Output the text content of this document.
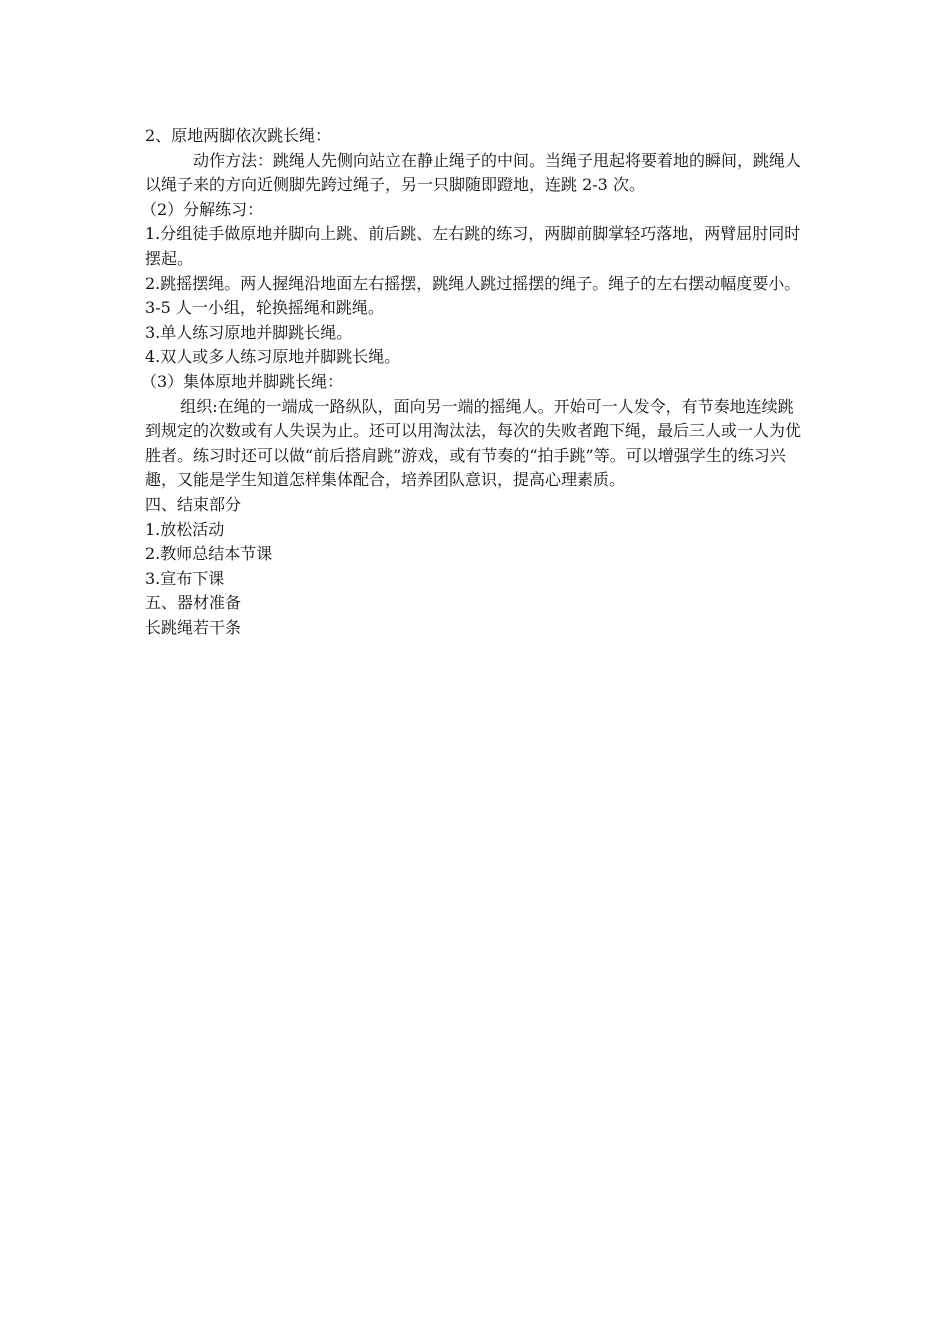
2、原地两脚依次跳长绳：

动作方法：跳绳人先侧向站立在静止绳子的中间。当绳子甩起将要着地的瞬间，跳绳人以绳子来的方向近侧脚先跨过绳子，另一只脚随即蹬地，连跳 2-3 次。

（2）分解练习：

1.分组徒手做原地并脚向上跳、前后跳、左右跳的练习，两脚前脚掌轻巧落地，两臂屈肘同时摆起。

2.跳摇摆绳。两人握绳沿地面左右摇摆，跳绳人跳过摇摆的绳子。绳子的左右摆动幅度要小。3-5 人一小组，轮换摇绳和跳绳。

3.单人练习原地并脚跳长绳。

4.双人或多人练习原地并脚跳长绳。

（3）集体原地并脚跳长绳：

组织:在绳的一端成一路纵队，面向另一端的摇绳人。开始可一人发令，有节奏地连续跳到规定的次数或有人失误为止。还可以用淘汰法，每次的失败者跑下绳，最后三人或一人为优胜者。练习时还可以做“前后搭肩跳”游戏，或有节奏的“拍手跳”等。可以增强学生的练习兴趣，又能是学生知道怎样集体配合，培养团队意识，提高心理素质。

四、结束部分

1.放松活动

2.教师总结本节课

3.宣布下课

五、器材准备

长跳绳若干条
